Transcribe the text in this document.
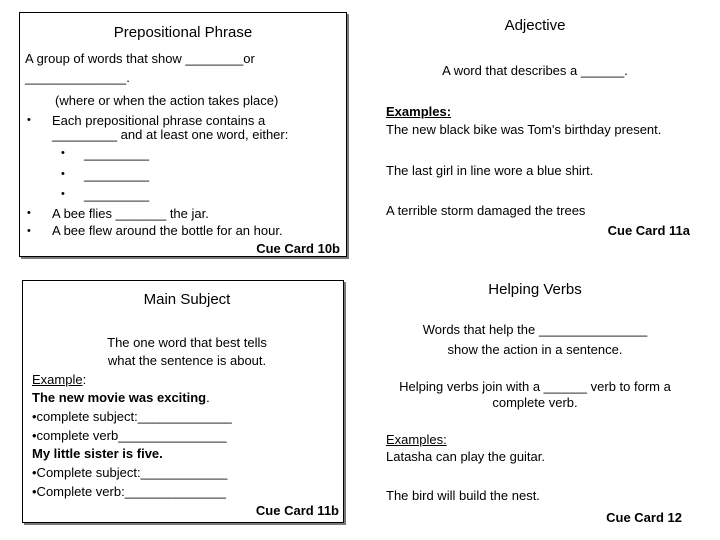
Prepositional Phrase
A group of words that show ________or
______________.
(where or when the action takes place)
• Each prepositional phrase contains a
_________ and at least one word, either:
• _________
• _________
• _________
• A bee flies _______ the jar.
• A bee flew around the bottle for an hour.
Cue Card 10b
Adjective
A word that describes a ______.
Examples:
The new black bike was Tom's birthday present.
The last girl in line wore a blue shirt.
A terrible storm damaged the trees
Cue Card 11a
Main Subject
The one word that best tells
what the sentence is about.
Example:
The new movie was exciting.
•complete subject:_____________
•complete verb_______________
My little sister is five.
•Complete subject:____________
•Complete verb:______________
Cue Card 11b
Helping Verbs
Words that help the _______________
show the action in a sentence.
Helping verbs join with a ______ verb to form a
complete verb.
Examples:
Latasha can play the guitar.
The bird will build the nest.
Cue Card 12
